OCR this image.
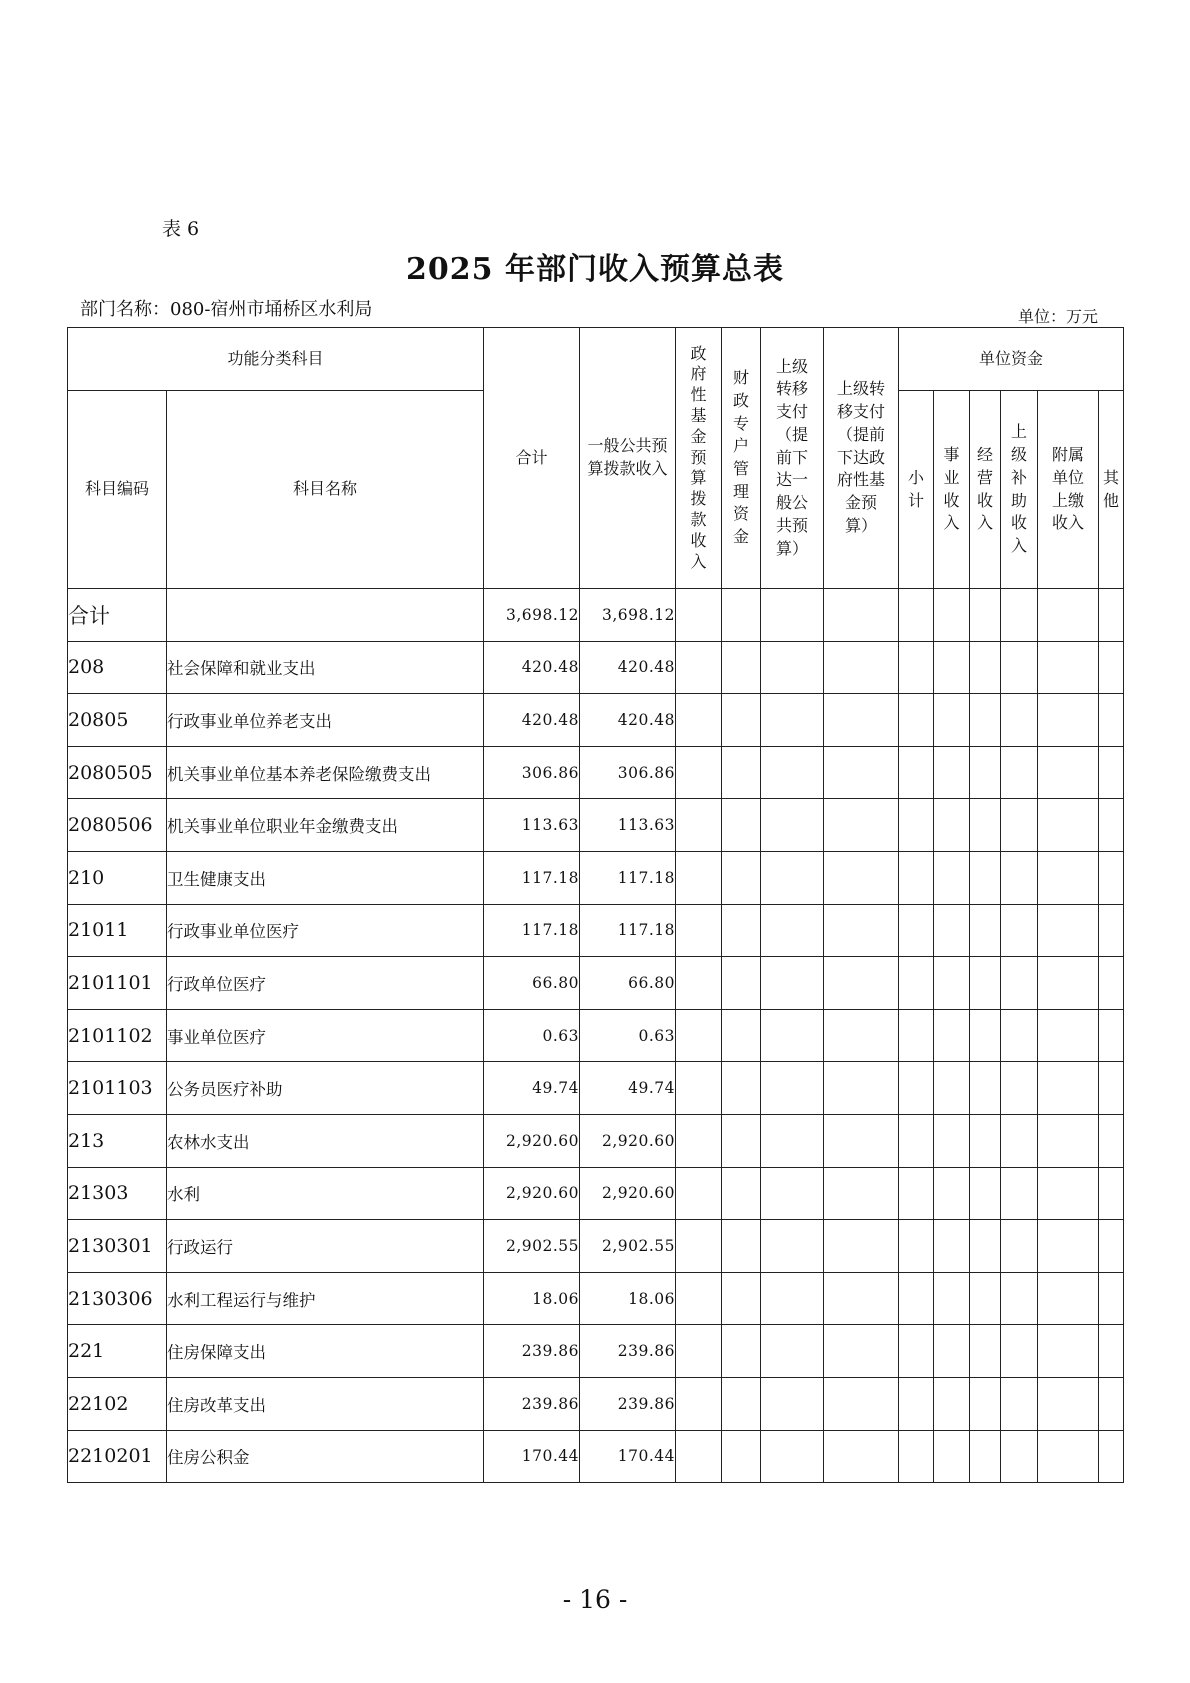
表 6
2025 年部门收入预算总表
部门名称：080-宿州市埇桥区水利局	单位：万元
功能分类科目		合计	一般公共预算拨款收入	政府性基金预算拨款收入	财政专户管理资金	上级转移支付（提前下达一般公共预算）	上级转移支付（提前下达政府性基金预算）	单位资金					
科目编码	科目名称							小计	事业收入	经营收入	上级补助收入	附属单位上缴收入	其他

合计		3,698.12	3,698.12										
208	社会保障和就业支出	420.48	420.48										
20805	行政事业单位养老支出	420.48	420.48										
2080505	机关事业单位基本养老保险缴费支出	306.86	306.86										
2080506	机关事业单位职业年金缴费支出	113.63	113.63										
210	卫生健康支出	117.18	117.18										
21011	行政事业单位医疗	117.18	117.18										
2101101	行政单位医疗	66.80	66.80										
2101102	事业单位医疗	0.63	0.63										
2101103	公务员医疗补助	49.74	49.74										
213	农林水支出	2,920.60	2,920.60										
21303	水利	2,920.60	2,920.60										
2130301	行政运行	2,902.55	2,902.55										
2130306	水利工程运行与维护	18.06	18.06										
221	住房保障支出	239.86	239.86										
22102	住房改革支出	239.86	239.86										
2210201	住房公积金	170.44	170.44										
- 16 -
